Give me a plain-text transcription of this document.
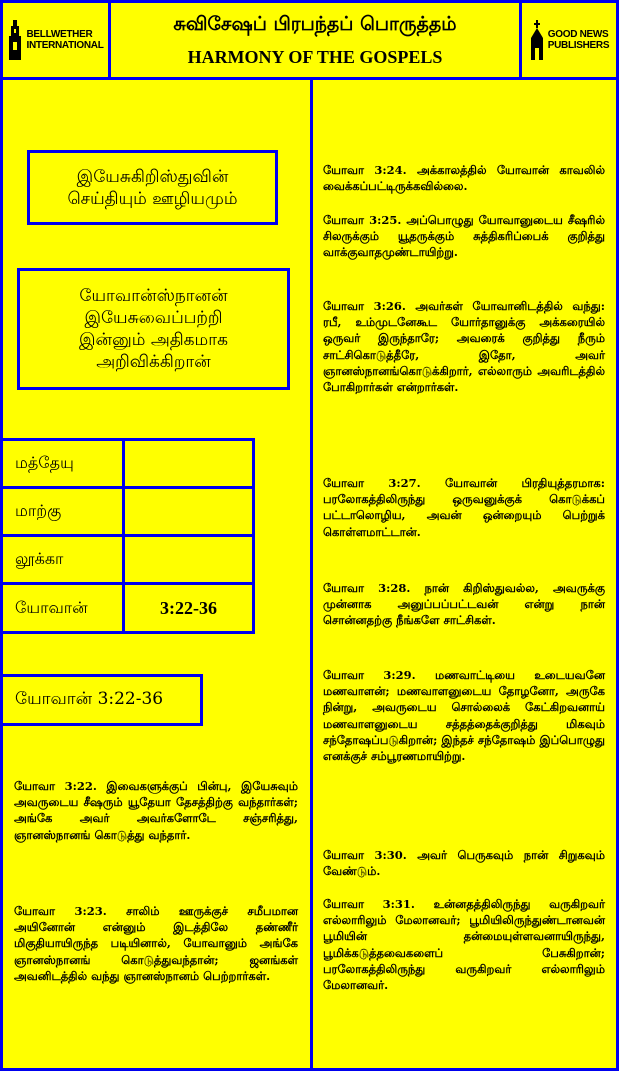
BELLWETHER
INTERNATIONAL
சுவிசேஷப் பிரபந்தப் பொருத்தம்
HARMONY OF THE GOSPELS
GOOD NEWS
PUBLISHERS
இயேசுகிறிஸ்துவின் செய்தியும் ஊழியமும்
யோவான்ஸ்நானன் இயேசுவைப்பற்றி இன்னும் அதிகமாக அறிவிக்கிறான்
மத்தேயு
மாற்கு
லூக்கா
யோவான்	3:22-36
யோவான் 3:22-36
யோவா 3:22. இவைகளுக்குப் பின்பு, இயேசுவும் அவருடைய சீஷரும் யூதேயா தேசத்திற்கு வந்தார்கள்; அங்கே அவர் அவர்களோடே சஞ்சரித்து, ஞானஸ்நானங் கொடுத்து வந்தார்.
யோவா 3:23. சாலிம் ஊருக்குச் சமீபமான அயினோன் என்னும் இடத்திலே தண்ணீர் மிகுதியாயிருந்த படியினால், யோவானும் அங்கே ஞானஸ்நானங் கொடுத்துவந்தான்; ஜனங்கள் அவனிடத்தில் வந்து ஞானஸ்நானம் பெற்றார்கள்.
யோவா 3:24. அக்காலத்தில் யோவான் காவலில் வைக்கப்பட்டிருக்கவில்லை.
யோவா 3:25. அப்பொழுது யோவானுடைய சீஷரில் சிலருக்கும் யூதருக்கும் சுத்திகரிப்பைக் குறித்து வாக்குவாதமுண்டாயிற்று.
யோவா 3:26. அவர்கள் யோவானிடத்தில் வந்து: ரபீ, உம்முடனேகூட யோர்தானுக்கு அக்கரையில் ஒருவர் இருந்தாரே; அவரைக் குறித்து நீரும் சாட்சிகொடுத்தீரே, இதோ, அவர் ஞானஸ்நானங்கொடுக்கிறார், எல்லாரும் அவரிடத்தில் போகிறார்கள் என்றார்கள்.
யோவா 3:27. யோவான் பிரதியுத்தரமாக: பரலோகத்திலிருந்து ஒருவனுக்குக் கொடுக்கப் பட்டாலொழிய, அவன் ஒன்றையும் பெற்றுக் கொள்ளமாட்டான்.
யோவா 3:28. நான் கிறிஸ்துவல்ல, அவருக்கு முன்னாக அனுப்பப்பட்டவன் என்று நான் சொன்னதற்கு நீங்களே சாட்சிகள்.
யோவா 3:29. மணவாட்டியை உடையவனே மணவாளன்; மணவாளனுடைய தோழனோ, அருகே நின்று, அவருடைய சொல்லைக் கேட்கிறவனாய் மணவாளனுடைய சத்தத்தைக்குறித்து மிகவும் சந்தோஷப்படுகிறான்; இந்தச் சந்தோஷம் இப்பொழுது எனக்குச் சம்பூரணமாயிற்று.
யோவா 3:30. அவர் பெருகவும் நான் சிறுகவும் வேண்டும்.
யோவா 3:31. உன்னதத்திலிருந்து வருகிறவர் எல்லாரிலும் மேலானவர்; பூமியிலிருந்துண்டானவன் பூமியின் தன்மையுள்ளவனாயிருந்து, பூமிக்கடுத்தவைகளைப் பேசுகிறான்; பரலோகத்திலிருந்து வருகிறவர் எல்லாரிலும் மேலானவர்.
